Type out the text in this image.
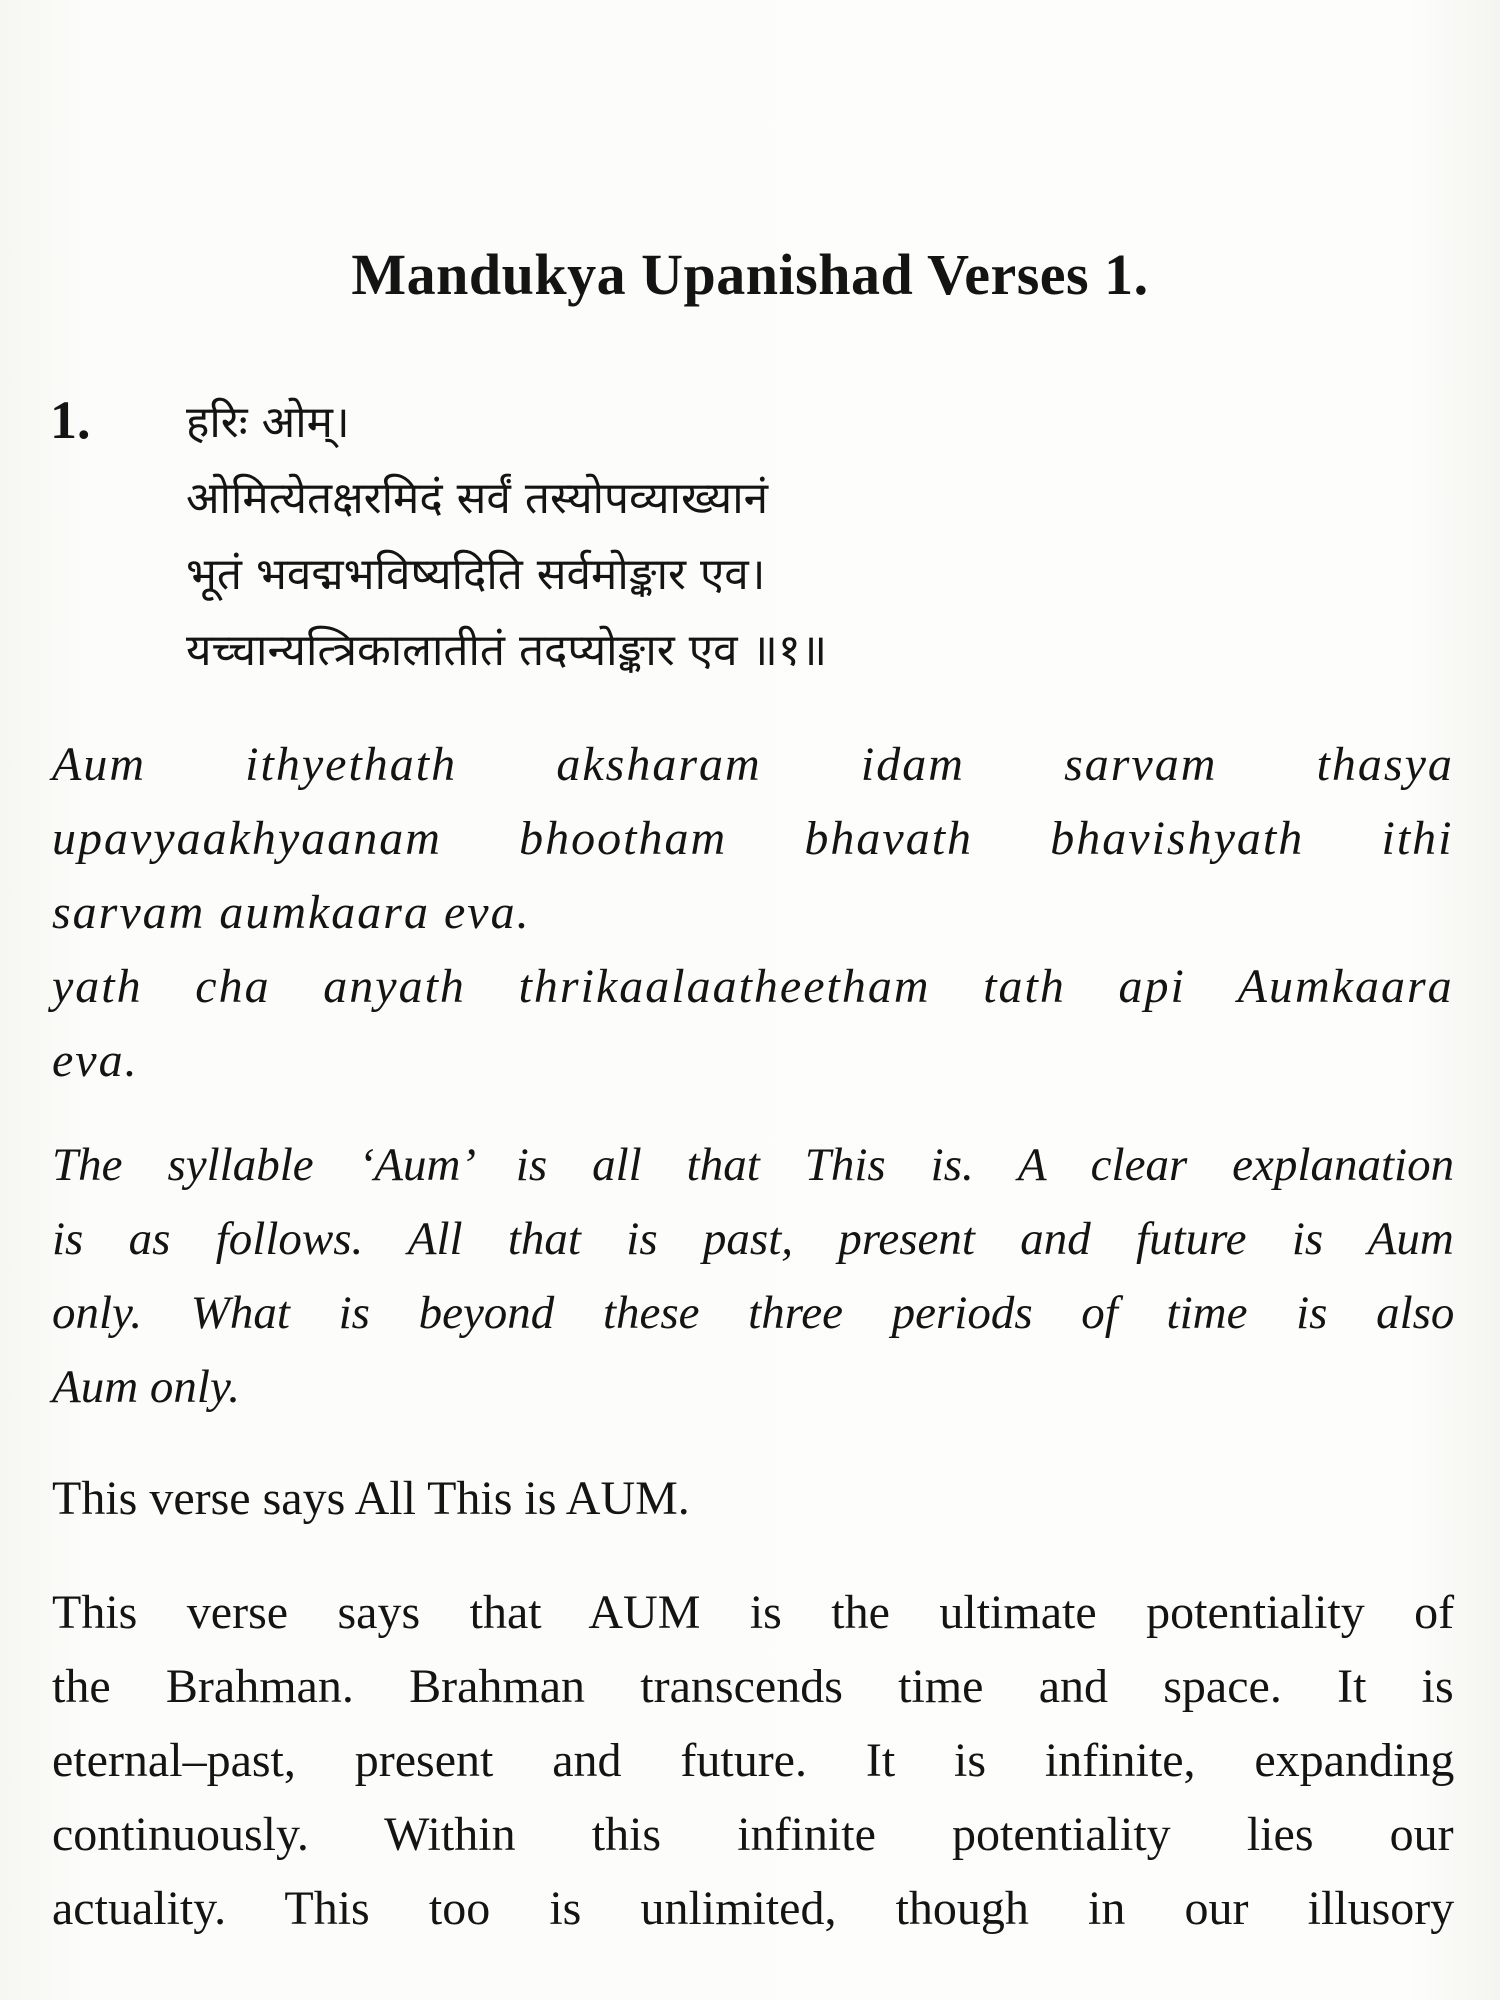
Mandukya Upanishad Verses 1.
1. हरिः ओम्।
ओमित्येतक्षरमिदं सर्वं तस्योपव्याख्यानं
भूतं भवद्मभविष्यदिति सर्वमोङ्कार एव।
यच्चान्यत्त्रिकालातीतं तदप्योङ्कार एव ॥१॥
Aum ithyethath aksharam idam sarvam thasya
upavyaakhyaanam bhootham bhavath bhavishyath ithi
sarvam aumkaara eva.
yath cha anyath thrikaalaatheetham tath api Aumkaara
eva.
The syllable ‘Aum’ is all that This is. A clear explanation
is as follows. All that is past, present and future is Aum
only. What is beyond these three periods of time is also
Aum only.
This verse says All This is AUM.
This verse says that AUM is the ultimate potentiality of
the Brahman. Brahman transcends time and space. It is
eternal–past, present and future. It is infinite, expanding
continuously. Within this infinite potentiality lies our
actuality. This too is unlimited, though in our illusory
